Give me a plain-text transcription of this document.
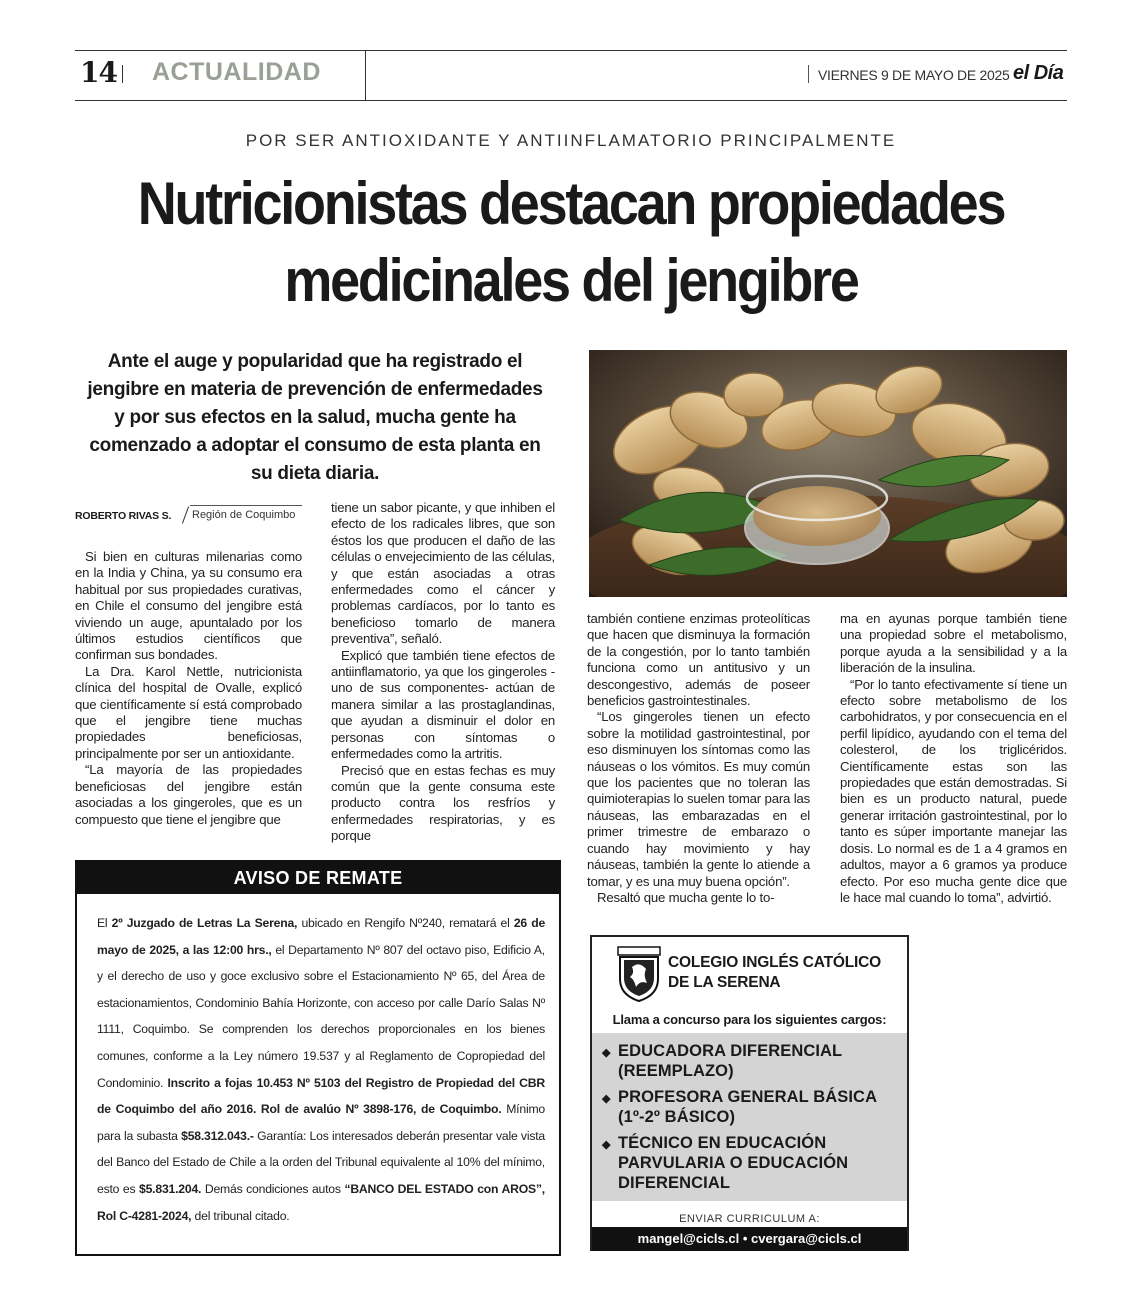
14 ACTUALIDAD	VIERNES 9 DE MAYO DE 2025 el Día
POR SER ANTIOXIDANTE Y ANTIINFLAMATORIO PRINCIPALMENTE
Nutricionistas destacan propiedades
medicinales del jengibre
Ante el auge y popularidad que ha registrado el jengibre en materia de prevención de enfermedades y por sus efectos en la salud, mucha gente ha comenzado a adoptar el consumo de esta planta en su dieta diaria.
ROBERTO RIVAS S. Región de Coquimbo

Si bien en culturas milenarias como en la India y China, ya su consumo era habitual por sus propiedades curativas, en Chile el consumo del jengibre está viviendo un auge, apuntalado por los últimos estudios científicos que confirman sus bondades.

La Dra. Karol Nettle, nutricionista clínica del hospital de Ovalle, explicó que científicamente sí está comprobado que el jengibre tiene muchas propiedades beneficiosas, principalmente por ser un antioxidante.

“La mayoría de las propiedades beneficiosas del jengibre están asociadas a los gingeroles, que es un compuesto que tiene el jengibre que

tiene un sabor picante, y que inhiben el efecto de los radicales libres, que son éstos los que producen el daño de las células o envejecimiento de las células, y que están asociadas a otras enfermedades como el cáncer y problemas cardíacos, por lo tanto es beneficioso tomarlo de manera preventiva”, señaló.

Explicó que también tiene efectos de antiinflamatorio, ya que los gingeroles -uno de sus componentes- actúan de manera similar a las prostaglandinas, que ayudan a disminuir el dolor en personas con síntomas o enfermedades como la artritis.

Precisó que en estas fechas es muy común que la gente consuma este producto contra los resfríos y enfermedades respiratorias, y es porque

también contiene enzimas proteolíticas que hacen que disminuya la formación de la congestión, por lo tanto también funciona como un antitusivo y un descongestivo, además de poseer beneficios gastrointestinales.

“Los gingeroles tienen un efecto sobre la motilidad gastrointestinal, por eso disminuyen los síntomas como las náuseas o los vómitos. Es muy común que los pacientes que no toleran las quimioterapias lo suelen tomar para las náuseas, las embarazadas en el primer trimestre de embarazo o cuando hay movimiento y hay náuseas, también la gente lo atiende a tomar, y es una muy buena opción”.

Resaltó que mucha gente lo to-

ma en ayunas porque también tiene una propiedad sobre el metabolismo, porque ayuda a la sensibilidad y a la liberación de la insulina.

“Por lo tanto efectivamente sí tiene un efecto sobre metabolismo de los carbohidratos, y por consecuencia en el perfil lipídico, ayudando con el tema del colesterol, de los triglicéridos. Científicamente estas son las propiedades que están demostradas. Si bien es un producto natural, puede generar irritación gastrointestinal, por lo tanto es súper importante manejar las dosis. Lo normal es de 1 a 4 gramos en adultos, mayor a 6 gramos ya produce efecto. Por eso mucha gente dice que le hace mal cuando lo toma”, advirtió.

AVISO DE REMATE
El 2º Juzgado de Letras La Serena, ubicado en Rengifo Nº240, rematará el 26 de mayo de 2025, a las 12:00 hrs., el Departamento Nº 807 del octavo piso, Edificio A, y el derecho de uso y goce exclusivo sobre el Estacionamiento Nº 65, del Área de estacionamientos, Condominio Bahía Horizonte, con acceso por calle Darío Salas Nº 1111, Coquimbo. Se comprenden los derechos proporcionales en los bienes comunes, conforme a la Ley número 19.537 y al Reglamento de Copropiedad del Condominio. Inscrito a fojas 10.453 Nº 5103 del Registro de Propiedad del CBR de Coquimbo del año 2016. Rol de avalúo Nº 3898-176, de Coquimbo. Mínimo para la subasta $58.312.043.- Garantía: Los interesados deberán presentar vale vista del Banco del Estado de Chile a la orden del Tribunal equivalente al 10% del mínimo, esto es $5.831.204. Demás condiciones autos “BANCO DEL ESTADO con AROS”, Rol C-4281-2024, del tribunal citado.
COLEGIO INGLÉS CATÓLICO
DE LA SERENA
Llama a concurso para los siguientes cargos:
◆ EDUCADORA DIFERENCIAL
(REEMPLAZO)
◆ PROFESORA GENERAL BÁSICA
(1º-2º BÁSICO)
◆ TÉCNICO EN EDUCACIÓN
PARVULARIA O EDUCACIÓN
DIFERENCIAL
ENVIAR CURRICULUM A:
mangel@cicls.cl • cvergara@cicls.cl
